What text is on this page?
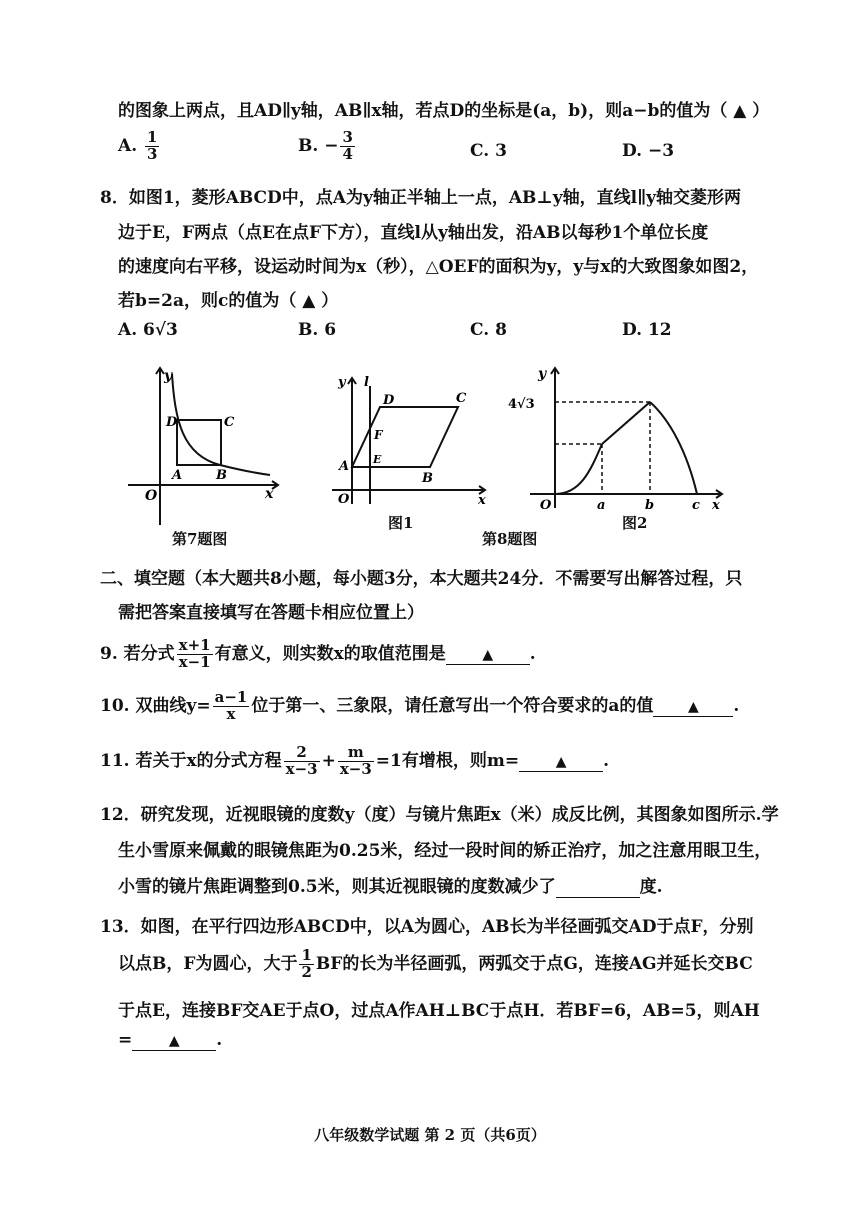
的图象上两点，且AD∥y轴，AB∥x轴，若点D的坐标是(a，b)，则a−b的值为（ ▲ ）
A. $\frac{1}{3}$	B. − $\frac{3}{4}$	C. 3	D. −3
8．如图1，菱形ABCD中，点A为y轴正半轴上一点，AB⊥y轴，直线l∥y轴交菱形两
边于E，F两点（点E在点F下方），直线l从y轴出发，沿AB以每秒1个单位长度
的速度向右平移，设运动时间为x（秒），△OEF的面积为y，y与x的大致图象如图2，
若b=2a，则c的值为（ ▲ ）
A. 6√3	B. 6	C. 8	D. 12
y
x
O
D	C
A	B
第7题图
y l
x
O
D	C
F
E
A
B
图1
第8题图
y
4√3
O	a	b	c x
图2
二、填空题（本大题共8小题，每小题3分，本大题共24分．不需要写出解答过程，只
需把答案直接填写在答题卡相应位置上）
9. 若分式 $\frac{x+1}{x-1}$ 有意义，则实数x的取值范围是	▲ .
10. 双曲线$y= \frac{a-1}{x}$ 位于第一、三象限，请任意写出一个符合要求的a的值 ▲ .
11. 若关于x的分式方程 $\frac{2}{x-3} + \frac{m}{x-3} =1$有增根，则m=	▲ .
12．研究发现，近视眼镜的度数y（度）与镜片焦距x（米）成反比例，其图象如图所示.学
生小雪原来佩戴的眼镜焦距为0.25米，经过一段时间的矫正治疗，加之注意用眼卫生，
小雪的镜片焦距调整到0.5米，则其近视眼镜的度数减少了	度.
13．如图，在平行四边形ABCD中，以A为圆心，AB长为半径画弧交AD于点F，分别
以点B，F为圆心，大于 $\frac{1}{2}$ BF的长为半径画弧，两弧交于点G，连接AG并延长交BC
于点E，连接BF交AE于点O，过点A作AH⊥BC于点H．若BF=6，AB=5，则AH
=	▲ .
八年级数学试题 第 2 页（共6页）
